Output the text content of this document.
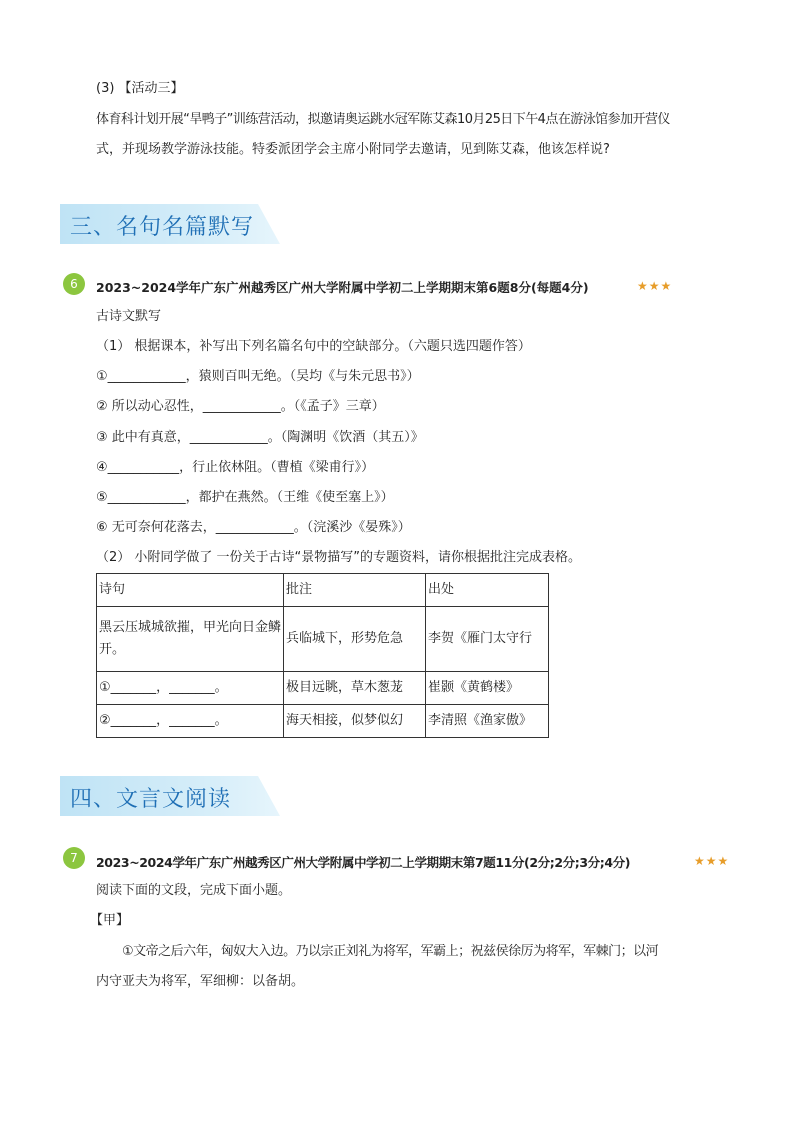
(3) 【活动三】
体育科计划开展“旱鸭子”训练营活动，拟邀请奥运跳水冠军陈艾森10月25日下午4点在游泳馆参加开营仪
式，并现场教学游泳技能。特委派团学会主席小附同学去邀请，见到陈艾森，他该怎样说?
三、名句名篇默写
6	2023~2024学年广东广州越秀区广州大学附属中学初二上学期期末第6题8分(每题4分)	★★★
古诗文默写
（1） 根据课本，补写出下列名篇名句中的空缺部分。（六题只选四题作答）
①____________，猿则百叫无绝。（吴均《与朱元思书》）
② 所以动心忍性，____________。（《孟子》三章）
③ 此中有真意，____________。（陶渊明《饮酒（其五）》
④___________，行止依林阻。（曹植《梁甫行》）
⑤____________，都护在燕然。（王维《使至塞上》）
⑥ 无可奈何花落去，____________。（浣溪沙《晏殊》）
（2） 小附同学做了 一份关于古诗“景物描写”的专题资料，请你根据批注完成表格。
诗句	批注	出处
黑云压城城欲摧，甲光向日金鳞开。	兵临城下，形势危急	李贺《雁门太守行
①_______，_______。	极目远眺，草木葱茏	崔颢《黄鹤楼》
②_______，_______。	海天相接，似梦似幻	李清照《渔家傲》
四、文言文阅读
7	2023~2024学年广东广州越秀区广州大学附属中学初二上学期期末第7题11分(2分;2分;3分;4分)	★★★
阅读下面的文段，完成下面小题。
【甲】
①文帝之后六年，匈奴大入边。乃以宗正刘礼为将军，军霸上；祝兹侯徐厉为将军，军棘门；以河
内守亚夫为将军，军细柳：以备胡。
